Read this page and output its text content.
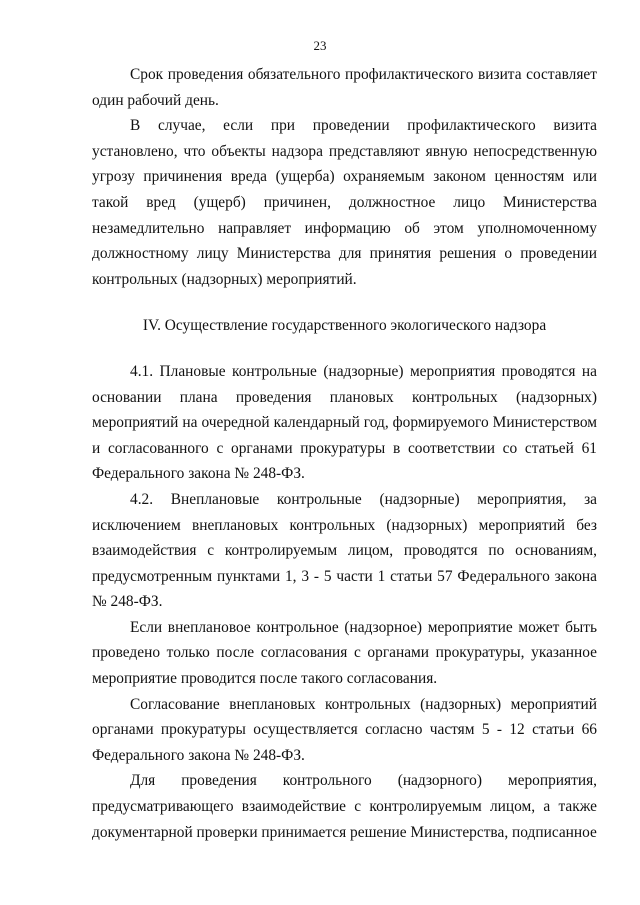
23

Срок проведения обязательного профилактического визита составляет один рабочий день.

В случае, если при проведении профилактического визита установлено, что объекты надзора представляют явную непосредственную угрозу причинения вреда (ущерба) охраняемым законом ценностям или такой вред (ущерб) причинен, должностное лицо Министерства незамедлительно направляет информацию об этом уполномоченному должностному лицу Министерства для принятия решения о проведении контрольных (надзорных) мероприятий.

IV. Осуществление государственного экологического надзора

4.1. Плановые контрольные (надзорные) мероприятия проводятся на основании плана проведения плановых контрольных (надзорных) мероприятий на очередной календарный год, формируемого Министерством и согласованного с органами прокуратуры в соответствии со статьей 61 Федерального закона № 248-ФЗ.

4.2. Внеплановые контрольные (надзорные) мероприятия, за исключением внеплановых контрольных (надзорных) мероприятий без взаимодействия с контролируемым лицом, проводятся по основаниям, предусмотренным пунктами 1, 3 - 5 части 1 статьи 57 Федерального закона № 248-ФЗ.

Если внеплановое контрольное (надзорное) мероприятие может быть проведено только после согласования с органами прокуратуры, указанное мероприятие проводится после такого согласования.

Согласование внеплановых контрольных (надзорных) мероприятий органами прокуратуры осуществляется согласно частям 5 - 12 статьи 66 Федерального закона № 248-ФЗ.

Для проведения контрольного (надзорного) мероприятия, предусматривающего взаимодействие с контролируемым лицом, а также документарной проверки принимается решение Министерства, подписанное
